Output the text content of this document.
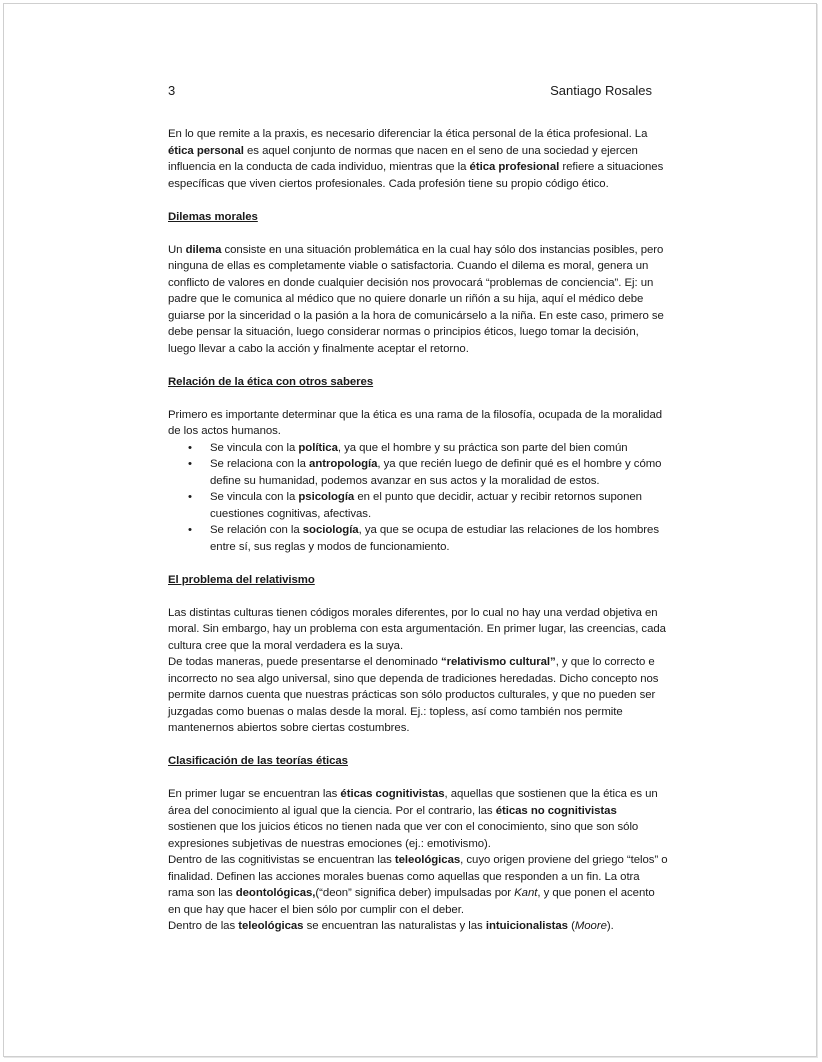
3	Santiago Rosales

En lo que remite a la praxis, es necesario diferenciar la ética personal de la ética profesional. La ética personal es aquel conjunto de normas que nacen en el seno de una sociedad y ejercen influencia en la conducta de cada individuo, mientras que la ética profesional refiere a situaciones específicas que viven ciertos profesionales. Cada profesión tiene su propio código ético.

Dilemas morales

Un dilema consiste en una situación problemática en la cual hay sólo dos instancias posibles, pero ninguna de ellas es completamente viable o satisfactoria. Cuando el dilema es moral, genera un conflicto de valores en donde cualquier decisión nos provocará “problemas de conciencia”. Ej: un padre que le comunica al médico que no quiere donarle un riñón a su hija, aquí el médico debe guiarse por la sinceridad o la pasión a la hora de comunicárselo a la niña. En este caso, primero se debe pensar la situación, luego considerar normas o principios éticos, luego tomar la decisión, luego llevar a cabo la acción y finalmente aceptar el retorno.

Relación de la ética con otros saberes

Primero es importante determinar que la ética es una rama de la filosofía, ocupada de la moralidad de los actos humanos.

• Se vincula con la política, ya que el hombre y su práctica son parte del bien común
• Se relaciona con la antropología, ya que recién luego de definir qué es el hombre y cómo define su humanidad, podemos avanzar en sus actos y la moralidad de estos.
• Se vincula con la psicología en el punto que decidir, actuar y recibir retornos suponen cuestiones cognitivas, afectivas.
• Se relación con la sociología, ya que se ocupa de estudiar las relaciones de los hombres entre sí, sus reglas y modos de funcionamiento.

El problema del relativismo

Las distintas culturas tienen códigos morales diferentes, por lo cual no hay una verdad objetiva en moral. Sin embargo, hay un problema con esta argumentación. En primer lugar, las creencias, cada cultura cree que la moral verdadera es la suya.

De todas maneras, puede presentarse el denominado “relativismo cultural”, y que lo correcto e incorrecto no sea algo universal, sino que dependa de tradiciones heredadas. Dicho concepto nos permite darnos cuenta que nuestras prácticas son sólo productos culturales, y que no pueden ser juzgadas como buenas o malas desde la moral. Ej.: topless, así como también nos permite mantenernos abiertos sobre ciertas costumbres.

Clasificación de las teorías éticas

En primer lugar se encuentran las éticas cognitivistas, aquellas que sostienen que la ética es un área del conocimiento al igual que la ciencia. Por el contrario, las éticas no cognitivistas sostienen que los juicios éticos no tienen nada que ver con el conocimiento, sino que son sólo expresiones subjetivas de nuestras emociones (ej.: emotivismo).

Dentro de las cognitivistas se encuentran las teleológicas, cuyo origen proviene del griego “telos” o finalidad. Definen las acciones morales buenas como aquellas que responden a un fin. La otra rama son las deontológicas,(“deon” significa deber) impulsadas por Kant, y que ponen el acento en que hay que hacer el bien sólo por cumplir con el deber.

Dentro de las teleológicas se encuentran las naturalistas y las intuicionalistas (Moore).
